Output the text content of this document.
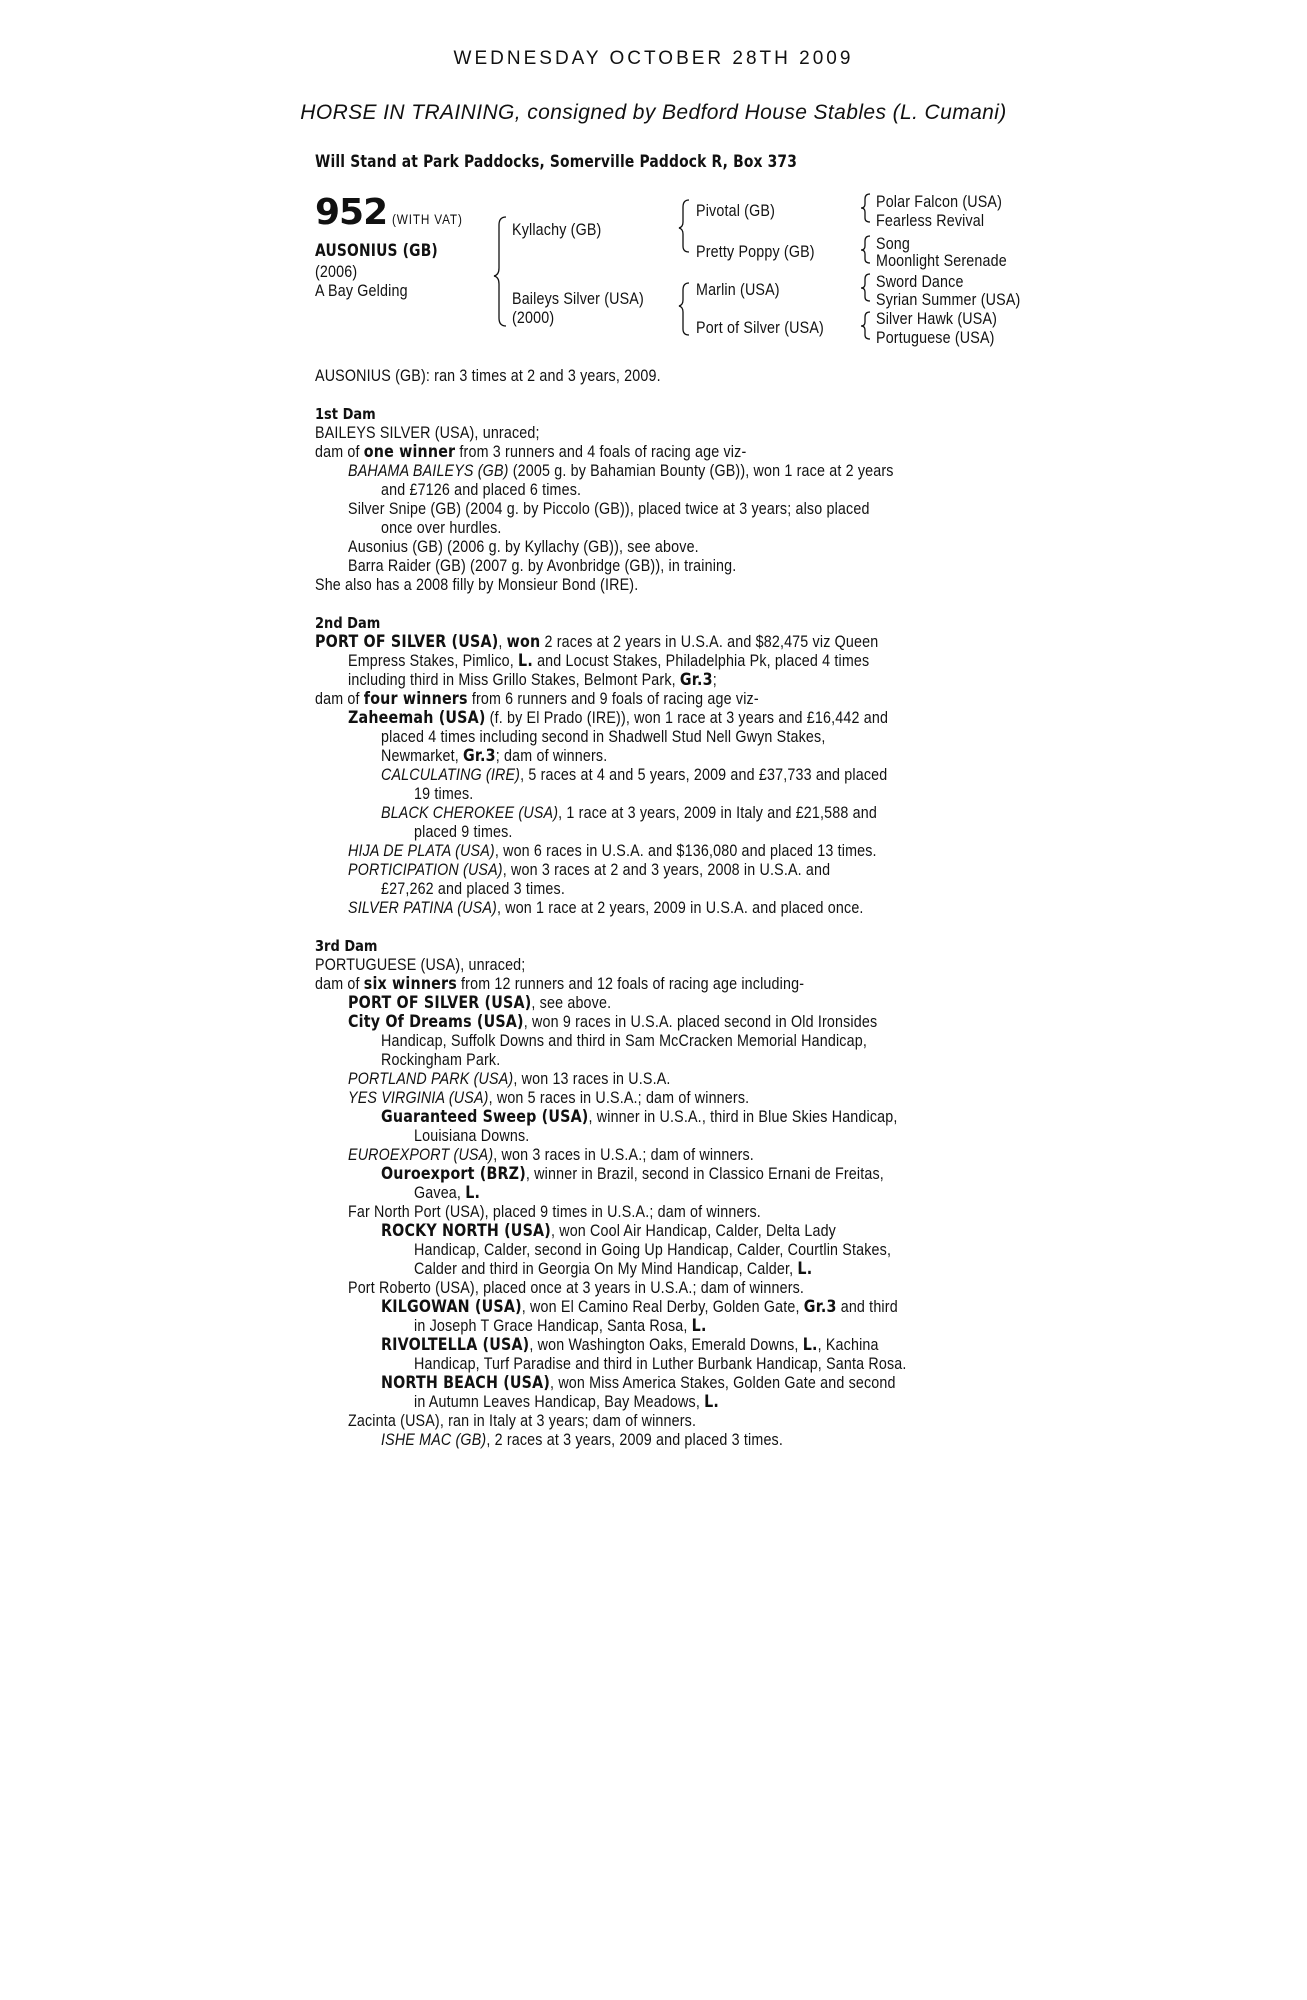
WEDNESDAY OCTOBER 28TH 2009
HORSE IN TRAINING, consigned by Bedford House Stables (L. Cumani)
Will Stand at Park Paddocks, Somerville Paddock R, Box 373
952 (WITH VAT)
AUSONIUS (GB)
(2006)
A Bay Gelding
Kyllachy (GB)
Baileys Silver (USA)
(2000)
Pivotal (GB)
Pretty Poppy (GB)
Marlin (USA)
Port of Silver (USA)
Polar Falcon (USA)
Fearless Revival
Song
Moonlight Serenade
Sword Dance
Syrian Summer (USA)
Silver Hawk (USA)
Portuguese (USA)
AUSONIUS (GB): ran 3 times at 2 and 3 years, 2009.
1st Dam
BAILEYS SILVER (USA), unraced;
dam of one winner from 3 runners and 4 foals of racing age viz-
BAHAMA BAILEYS (GB) (2005 g. by Bahamian Bounty (GB)), won 1 race at 2 years
and £7126 and placed 6 times.
Silver Snipe (GB) (2004 g. by Piccolo (GB)), placed twice at 3 years; also placed
once over hurdles.
Ausonius (GB) (2006 g. by Kyllachy (GB)), see above.
Barra Raider (GB) (2007 g. by Avonbridge (GB)), in training.
She also has a 2008 filly by Monsieur Bond (IRE).
2nd Dam
PORT OF SILVER (USA), won 2 races at 2 years in U.S.A. and $82,475 viz Queen
Empress Stakes, Pimlico, L. and Locust Stakes, Philadelphia Pk, placed 4 times
including third in Miss Grillo Stakes, Belmont Park, Gr.3;
dam of four winners from 6 runners and 9 foals of racing age viz-
Zaheemah (USA) (f. by El Prado (IRE)), won 1 race at 3 years and £16,442 and
placed 4 times including second in Shadwell Stud Nell Gwyn Stakes,
Newmarket, Gr.3; dam of winners.
CALCULATING (IRE), 5 races at 4 and 5 years, 2009 and £37,733 and placed
19 times.
BLACK CHEROKEE (USA), 1 race at 3 years, 2009 in Italy and £21,588 and
placed 9 times.
HIJA DE PLATA (USA), won 6 races in U.S.A. and $136,080 and placed 13 times.
PORTICIPATION (USA), won 3 races at 2 and 3 years, 2008 in U.S.A. and
£27,262 and placed 3 times.
SILVER PATINA (USA), won 1 race at 2 years, 2009 in U.S.A. and placed once.
3rd Dam
PORTUGUESE (USA), unraced;
dam of six winners from 12 runners and 12 foals of racing age including-
PORT OF SILVER (USA), see above.
City Of Dreams (USA), won 9 races in U.S.A. placed second in Old Ironsides
Handicap, Suffolk Downs and third in Sam McCracken Memorial Handicap,
Rockingham Park.
PORTLAND PARK (USA), won 13 races in U.S.A.
YES VIRGINIA (USA), won 5 races in U.S.A.; dam of winners.
Guaranteed Sweep (USA), winner in U.S.A., third in Blue Skies Handicap,
Louisiana Downs.
EUROEXPORT (USA), won 3 races in U.S.A.; dam of winners.
Ouroexport (BRZ), winner in Brazil, second in Classico Ernani de Freitas,
Gavea, L.
Far North Port (USA), placed 9 times in U.S.A.; dam of winners.
ROCKY NORTH (USA), won Cool Air Handicap, Calder, Delta Lady
Handicap, Calder, second in Going Up Handicap, Calder, Courtlin Stakes,
Calder and third in Georgia On My Mind Handicap, Calder, L.
Port Roberto (USA), placed once at 3 years in U.S.A.; dam of winners.
KILGOWAN (USA), won El Camino Real Derby, Golden Gate, Gr.3 and third
in Joseph T Grace Handicap, Santa Rosa, L.
RIVOLTELLA (USA), won Washington Oaks, Emerald Downs, L., Kachina
Handicap, Turf Paradise and third in Luther Burbank Handicap, Santa Rosa.
NORTH BEACH (USA), won Miss America Stakes, Golden Gate and second
in Autumn Leaves Handicap, Bay Meadows, L.
Zacinta (USA), ran in Italy at 3 years; dam of winners.
ISHE MAC (GB), 2 races at 3 years, 2009 and placed 3 times.
